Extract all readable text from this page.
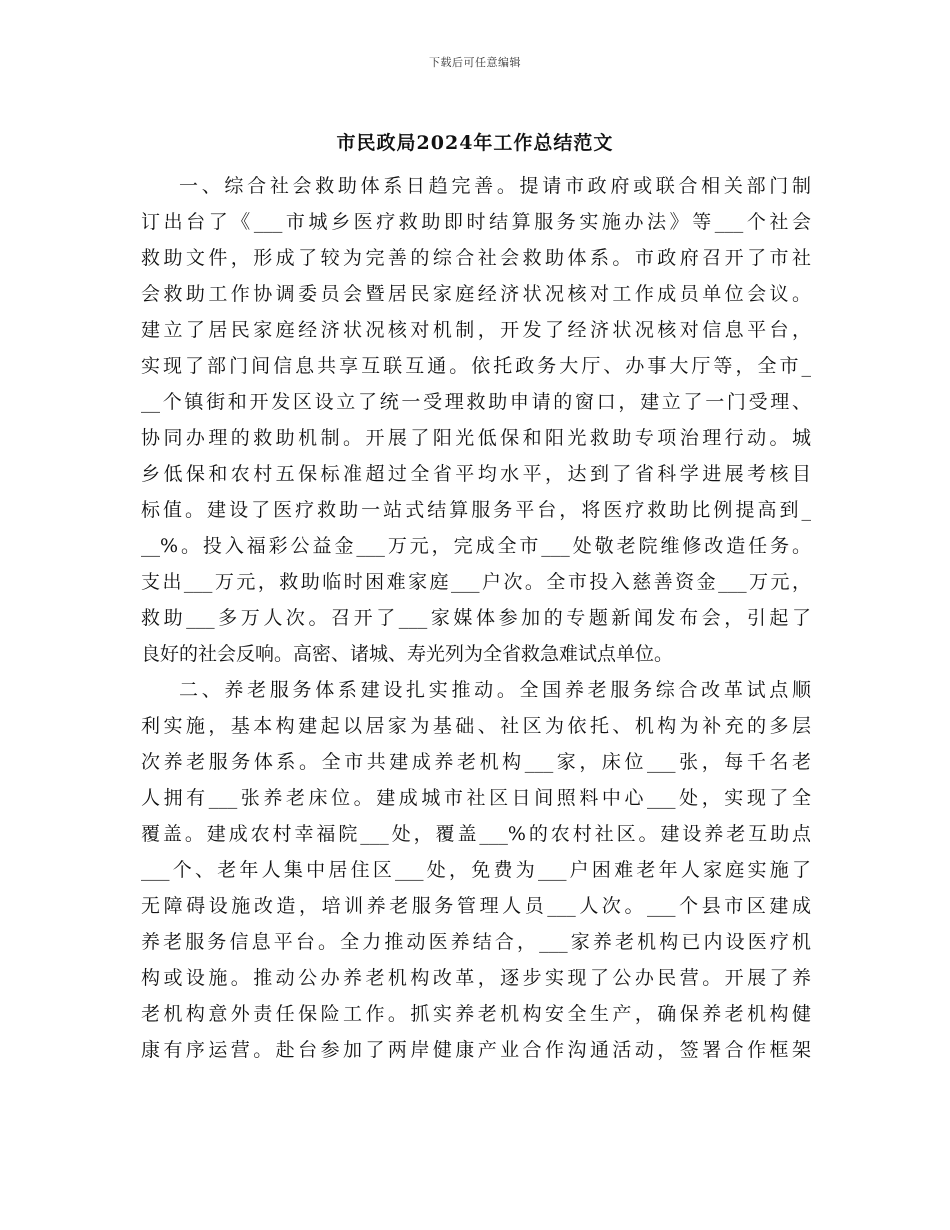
下载后可任意编辑
市民政局2024年工作总结范文
一、综合社会救助体系日趋完善。提请市政府或联合相关部门制
订出台了《___市城乡医疗救助即时结算服务实施办法》等___个社会
救助文件，形成了较为完善的综合社会救助体系。市政府召开了市社
会救助工作协调委员会暨居民家庭经济状况核对工作成员单位会议。
建立了居民家庭经济状况核对机制，开发了经济状况核对信息平台，
实现了部门间信息共享互联互通。依托政务大厅、办事大厅等，全市_
__个镇街和开发区设立了统一受理救助申请的窗口，建立了一门受理、
协同办理的救助机制。开展了阳光低保和阳光救助专项治理行动。城
乡低保和农村五保标准超过全省平均水平，达到了省科学进展考核目
标值。建设了医疗救助一站式结算服务平台，将医疗救助比例提高到_
__%。投入福彩公益金___万元，完成全市___处敬老院维修改造任务。
支出___万元，救助临时困难家庭___户次。全市投入慈善资金___万元，
救助___多万人次。召开了___家媒体参加的专题新闻发布会，引起了
良好的社会反响。高密、诸城、寿光列为全省救急难试点单位。
二、养老服务体系建设扎实推动。全国养老服务综合改革试点顺
利实施，基本构建起以居家为基础、社区为依托、机构为补充的多层
次养老服务体系。全市共建成养老机构___家，床位___张，每千名老
人拥有___张养老床位。建成城市社区日间照料中心___处，实现了全
覆盖。建成农村幸福院___处，覆盖___%的农村社区。建设养老互助点
___个、老年人集中居住区___处，免费为___户困难老年人家庭实施了
无障碍设施改造，培训养老服务管理人员___人次。___个县市区建成
养老服务信息平台。全力推动医养结合，___家养老机构已内设医疗机
构或设施。推动公办养老机构改革，逐步实现了公办民营。开展了养
老机构意外责任保险工作。抓实养老机构安全生产，确保养老机构健
康有序运营。赴台参加了两岸健康产业合作沟通活动，签署合作框架
